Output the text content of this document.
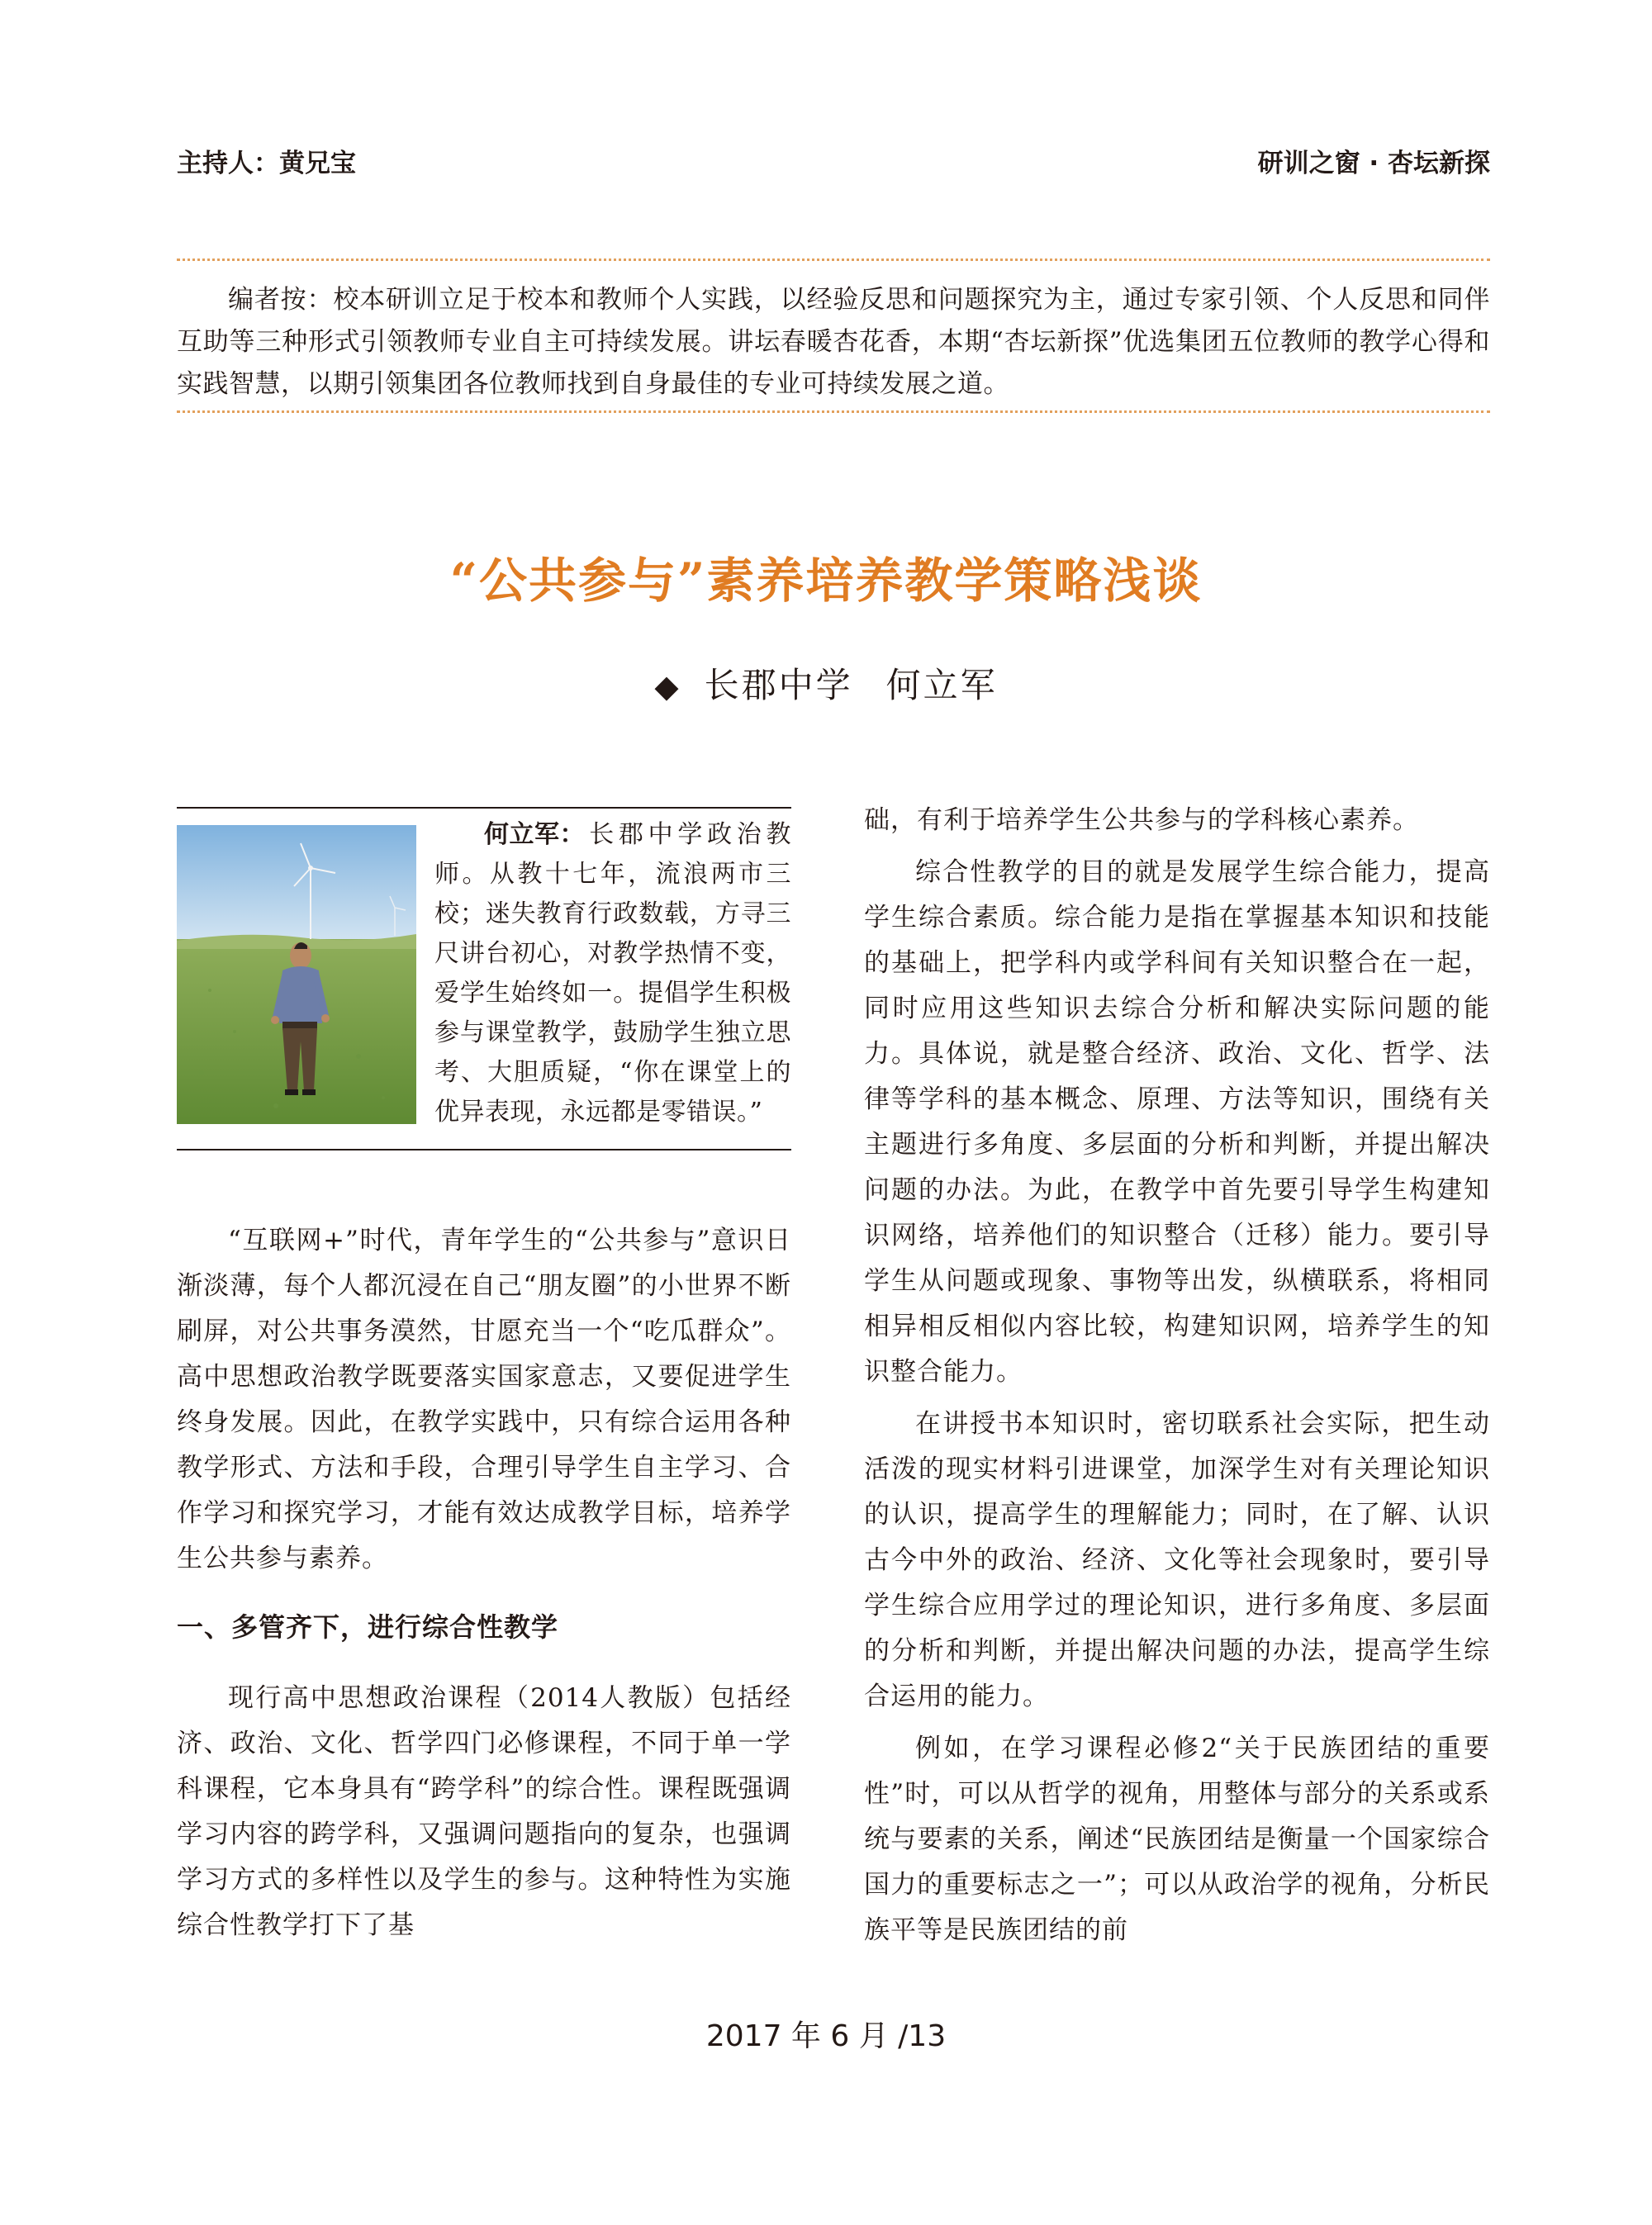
主持人：黄兄宝	研训之窗 · 杏坛新探
编者按：校本研训立足于校本和教师个人实践，以经验反思和问题探究为主，通过专家引领、个人反思和同伴互助等三种形式引领教师专业自主可持续发展。讲坛春暖杏花香，本期“杏坛新探”优选集团五位教师的教学心得和实践智慧，以期引领集团各位教师找到自身最佳的专业可持续发展之道。
“公共参与”素养培养教学策略浅谈
◆ 长郡中学 何立军
何立军：长郡中学政治教师。从教十七年，流浪两市三校；迷失教育行政数载，方寻三尺讲台初心，对教学热情不变，爱学生始终如一。提倡学生积极参与课堂教学，鼓励学生独立思考、大胆质疑，“你在课堂上的优异表现，永远都是零错误。”

“互联网+”时代，青年学生的“公共参与”意识日渐淡薄，每个人都沉浸在自己“朋友圈”的小世界不断刷屏，对公共事务漠然，甘愿充当一个“吃瓜群众”。高中思想政治教学既要落实国家意志，又要促进学生终身发展。因此，在教学实践中，只有综合运用各种教学形式、方法和手段，合理引导学生自主学习、合作学习和探究学习，才能有效达成教学目标，培养学生公共参与素养。

一、多管齐下，进行综合性教学

现行高中思想政治课程（2014人教版）包括经济、政治、文化、哲学四门必修课程，不同于单一学科课程，它本身具有“跨学科”的综合性。课程既强调学习内容的跨学科，又强调问题指向的复杂，也强调学习方式的多样性以及学生的参与。这种特性为实施综合性教学打下了基

础，有利于培养学生公共参与的学科核心素养。

综合性教学的目的就是发展学生综合能力，提高学生综合素质。综合能力是指在掌握基本知识和技能的基础上，把学科内或学科间有关知识整合在一起，同时应用这些知识去综合分析和解决实际问题的能力。具体说，就是整合经济、政治、文化、哲学、法律等学科的基本概念、原理、方法等知识，围绕有关主题进行多角度、多层面的分析和判断，并提出解决问题的办法。为此，在教学中首先要引导学生构建知识网络，培养他们的知识整合（迁移）能力。要引导学生从问题或现象、事物等出发，纵横联系，将相同相异相反相似内容比较，构建知识网，培养学生的知识整合能力。

在讲授书本知识时，密切联系社会实际，把生动活泼的现实材料引进课堂，加深学生对有关理论知识的认识，提高学生的理解能力；同时，在了解、认识古今中外的政治、经济、文化等社会现象时，要引导学生综合应用学过的理论知识，进行多角度、多层面的分析和判断，并提出解决问题的办法，提高学生综合运用的能力。

例如，在学习课程必修2“关于民族团结的重要性”时，可以从哲学的视角，用整体与部分的关系或系统与要素的关系，阐述“民族团结是衡量一个国家综合国力的重要标志之一”；可以从政治学的视角，分析民族平等是民族团结的前

2017 年 6 月 /13
